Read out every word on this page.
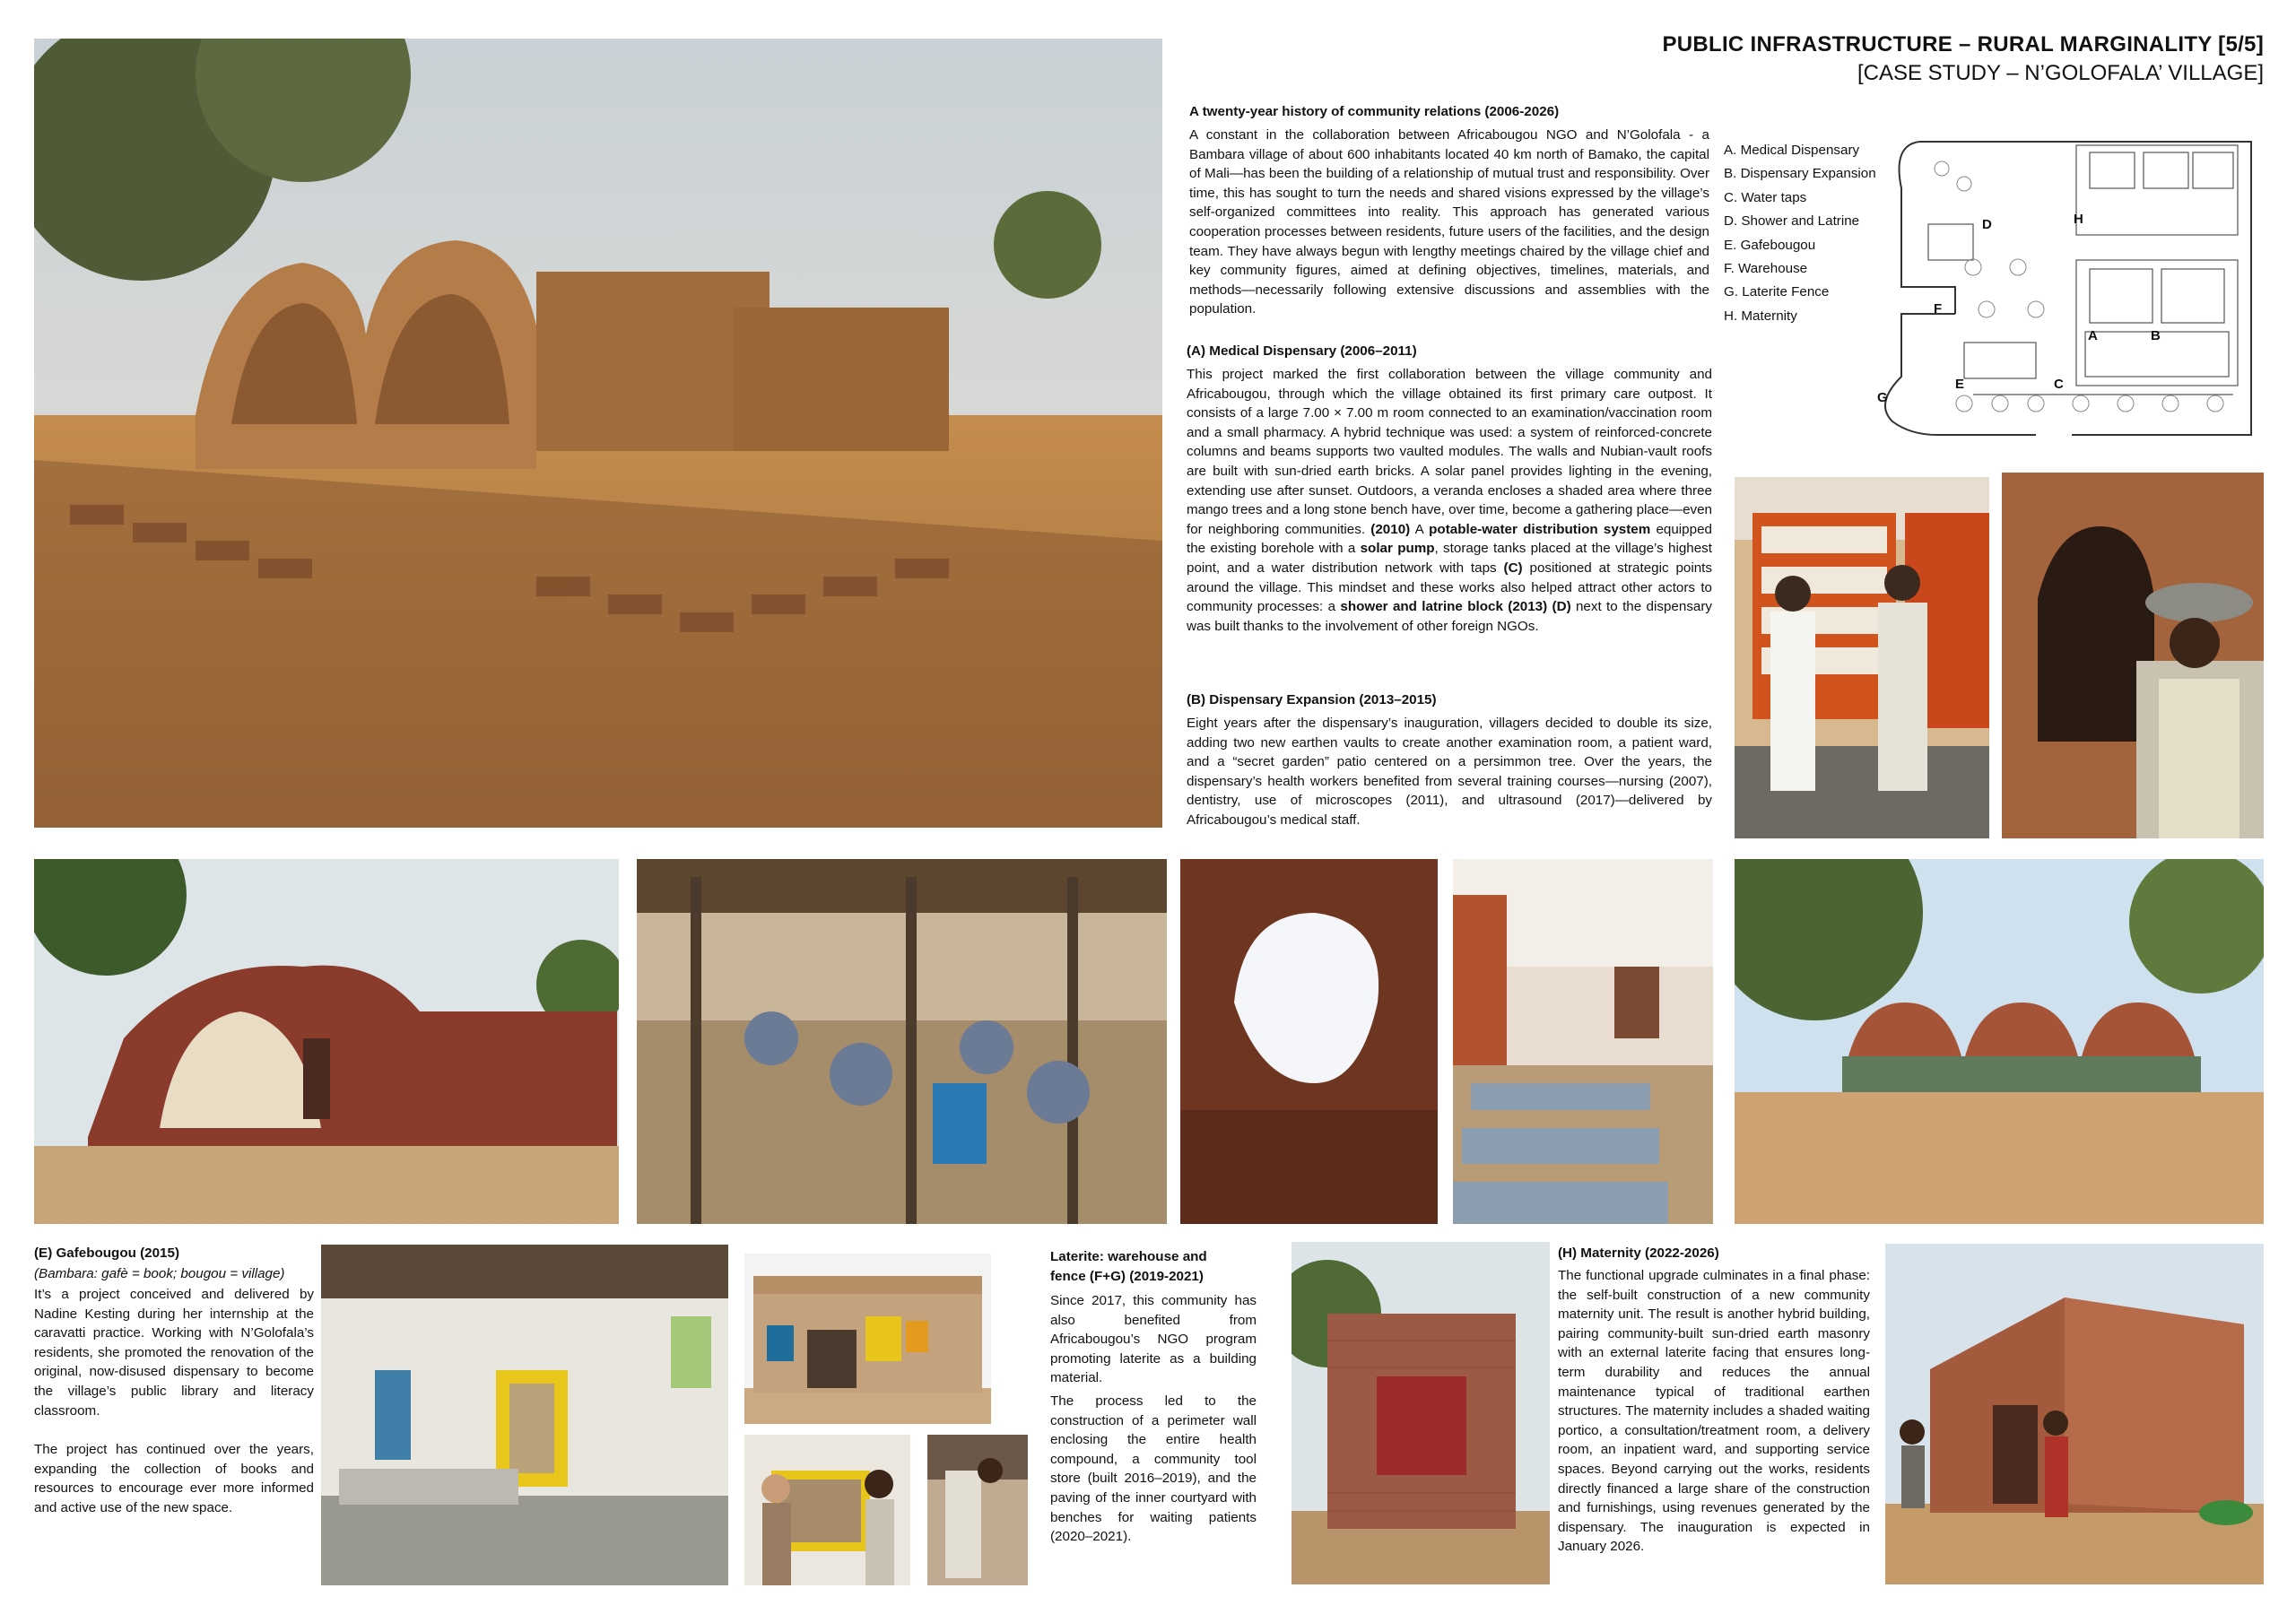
PUBLIC INFRASTRUCTURE – RURAL MARGINALITY [5/5]
[CASE STUDY – N’GOLOFALA’ VILLAGE]
A twenty-year history of community relations (2006-2026)

A constant in the collaboration between Africabougou NGO and N’Golofala - a Bambara village of about 600 inhabitants located 40 km north of Bamako, the capital of Mali—has been the building of a relationship of mutual trust and responsibility. Over time, this has sought to turn the needs and shared visions expressed by the village’s self-organized committees into reality. This approach has generated various cooperation processes between residents, future users of the facilities, and the design team. They have always begun with lengthy meetings chaired by the village chief and key community figures, aimed at defining objectives, timelines, materials, and methods—necessarily following extensive discussions and assemblies with the population.

(A) Medical Dispensary (2006–2011)

This project marked the first collaboration between the village community and Africabougou, through which the village obtained its first primary care outpost. It consists of a large 7.00 × 7.00 m room connected to an examination/vaccination room and a small pharmacy. A hybrid technique was used: a system of reinforced-concrete columns and beams supports two vaulted modules. The walls and Nubian-vault roofs are built with sun-dried earth bricks. A solar panel provides lighting in the evening, extending use after sunset. Outdoors, a veranda encloses a shaded area where three mango trees and a long stone bench have, over time, become a gathering place—even for neighboring communities. (2010) A potable-water distribution system equipped the existing borehole with a solar pump, storage tanks placed at the village’s highest point, and a water distribution network with taps (C) positioned at strategic points around the village. This mindset and these works also helped attract other actors to community processes: a shower and latrine block (2013) (D) next to the dispensary was built thanks to the involvement of other foreign NGOs.

(B) Dispensary Expansion (2013–2015)

Eight years after the dispensary’s inauguration, villagers decided to double its size, adding two new earthen vaults to create another examination room, a patient ward, and a “secret garden” patio centered on a persimmon tree. Over the years, the dispensary’s health workers benefited from several training courses—nursing (2007), dentistry, use of microscopes (2011), and ultrasound (2017)—delivered by Africabougou’s medical staff.

A. Medical Dispensary
B. Dispensary Expansion
C. Water taps
D. Shower and Latrine
E. Gafebougou
F. Warehouse
G. Laterite Fence
H. Maternity
A	B
C
D
E
F
G
H
(E) Gafebougou (2015)

(Bambara: gafè = book; bougou = village)

It’s a project conceived and delivered by Nadine Kesting during her internship at the caravatti practice. Working with N’Golofala’s residents, she promoted the renovation of the original, now-disused dispensary to become the village’s public library and literacy classroom.

The project has continued over the years, expanding the collection of books and resources to encourage ever more informed and active use of the new space.

Laterite: warehouse and fence (F+G) (2019-2021)

Since 2017, this community has also benefited from Africabougou’s NGO program promoting laterite as a building material.

The process led to the construction of a perimeter wall enclosing the entire health compound, a community tool store (built 2016–2019), and the paving of the inner courtyard with benches for waiting patients (2020–2021).

(H) Maternity (2022-2026)

The functional upgrade culminates in a final phase: the self-built construction of a new community maternity unit. The result is another hybrid building, pairing community-built sun-dried earth masonry with an external laterite facing that ensures long-term durability and reduces the annual maintenance typical of traditional earthen structures. The maternity includes a shaded waiting portico, a consultation/treatment room, a delivery room, an inpatient ward, and supporting service spaces. Beyond carrying out the works, residents directly financed a large share of the construction and furnishings, using revenues generated by the dispensary. The inauguration is expected in January 2026.
